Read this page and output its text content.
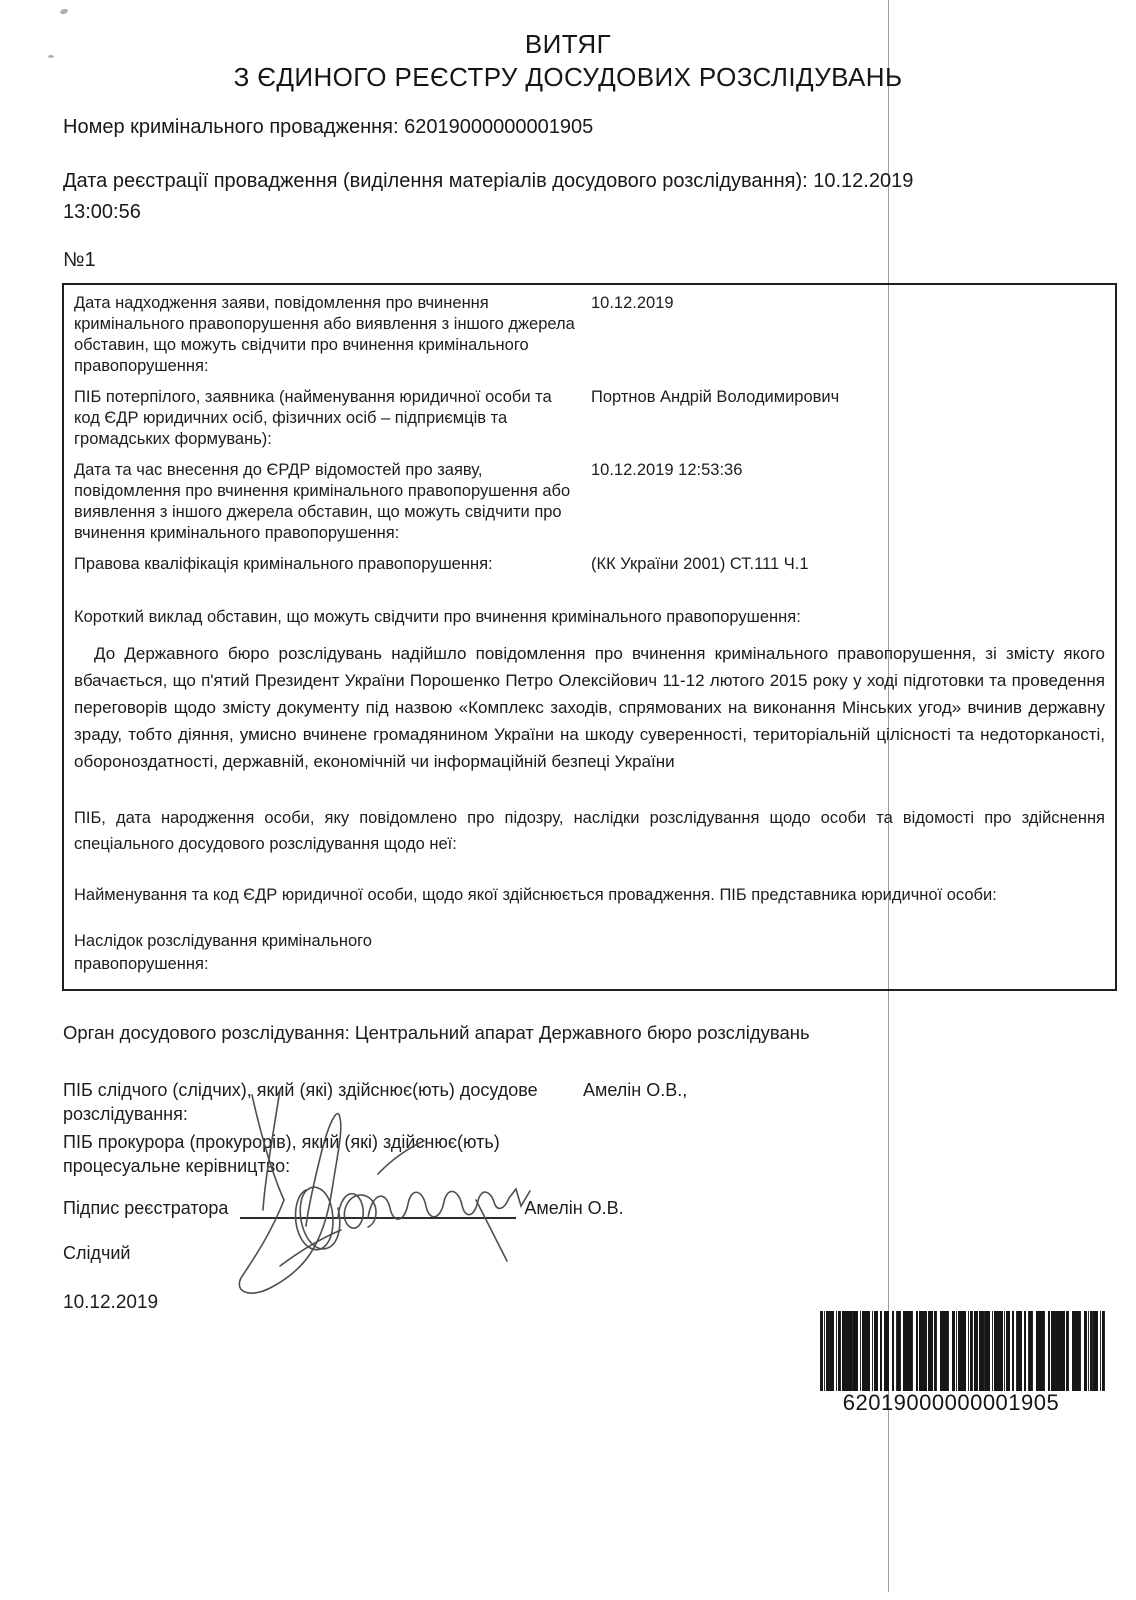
ВИТЯГ
З ЄДИНОГО РЕЄСТРУ ДОСУДОВИХ РОЗСЛІДУВАНЬ
Номер кримінального провадження: 62019000000001905
Дата реєстрації провадження (виділення матеріалів досудового розслідування): 10.12.2019
13:00:56
№1
Дата надходження заяви, повідомлення про вчинення кримінального правопорушення або виявлення з іншого джерела обставин, що можуть свідчити про вчинення кримінального правопорушення:
10.12.2019
ПІБ потерпілого, заявника (найменування юридичної особи та код ЄДР юридичних осіб, фізичних осіб – підприємців та громадських формувань):
Портнов Андрій Володимирович
Дата та час внесення до ЄРДР відомостей про заяву, повідомлення про вчинення кримінального правопорушення або виявлення з іншого джерела обставин, що можуть свідчити про вчинення кримінального правопорушення:
10.12.2019 12:53:36
Правова кваліфікація кримінального правопорушення:	(КК України 2001) СТ.111 Ч.1
Короткий виклад обставин, що можуть свідчити про вчинення кримінального правопорушення:
До Державного бюро розслідувань надійшло повідомлення про вчинення кримінального правопорушення, зі змісту якого вбачається, що п'ятий Президент України Порошенко Петро Олексійович 11-12 лютого 2015 року у ході підготовки та проведення переговорів щодо змісту документу під назвою «Комплекс заходів, спрямованих на виконання Мінських угод» вчинив державну зраду, тобто діяння, умисно вчинене громадянином України на шкоду суверенності, територіальній цілісності та недоторканості, обороноздатності, державній, економічній чи інформаційній безпеці України
ПІБ, дата народження особи, яку повідомлено про підозру, наслідки розслідування щодо особи та відомості про здійснення спеціального досудового розслідування щодо неї:
Найменування та код ЄДР юридичної особи, щодо якої здійснюється провадження. ПІБ представника юридичної особи:
Наслідок розслідування кримінального правопорушення:
Орган досудового розслідування: Центральний апарат Державного бюро розслідувань
ПІБ слідчого (слідчих), який (які) здійснює(ють) досудове розслідування:
Амелін О.В.,
ПІБ прокурора (прокурорів), який (які) здійснює(ють) процесуальне керівництво:
Підпис реєстратора	Амелін О.В.
Слідчий
10.12.2019
62019000000001905
